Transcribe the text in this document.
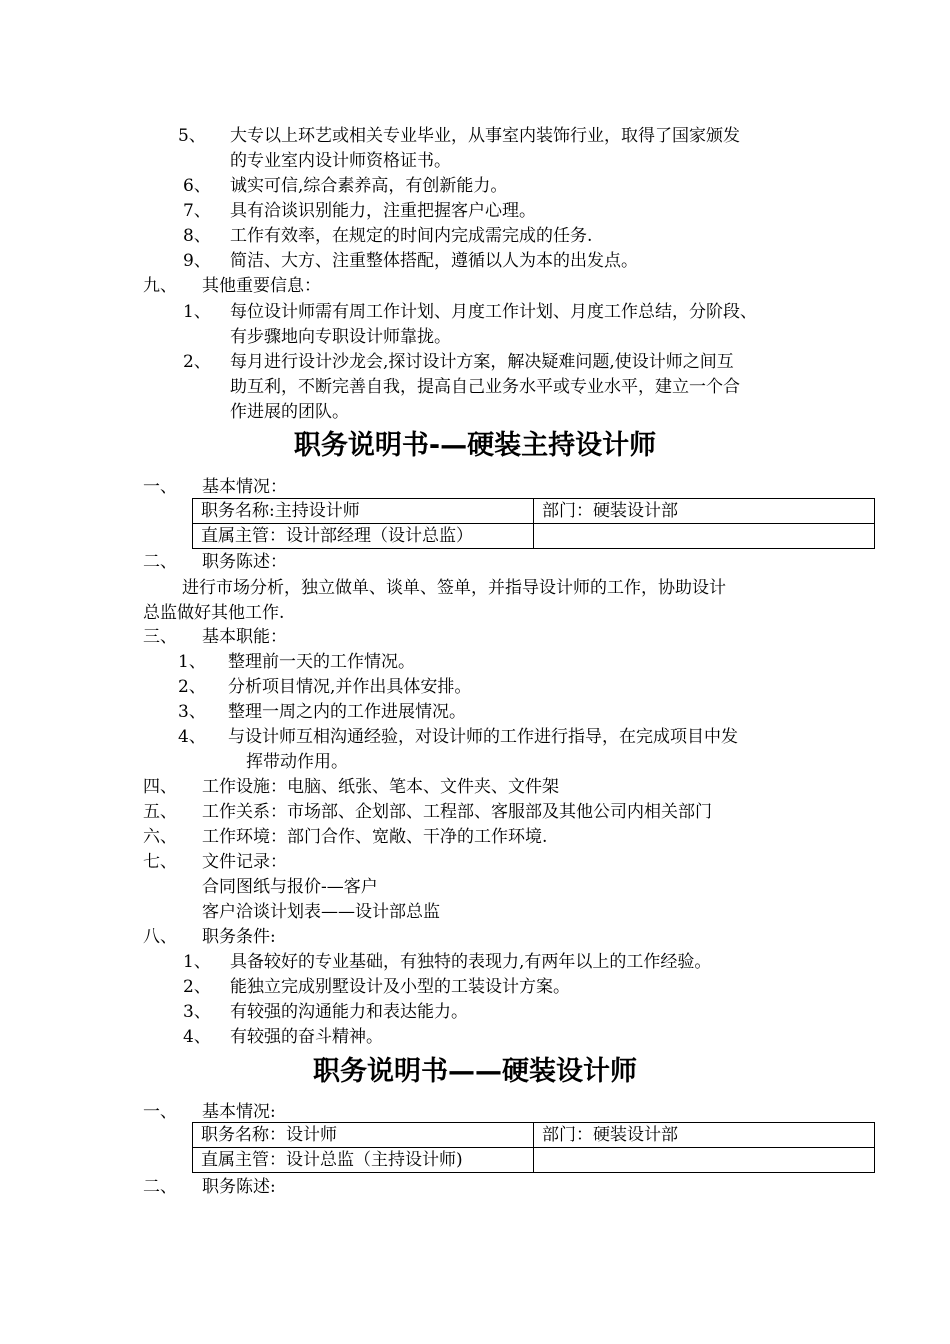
5、 大专以上环艺或相关专业毕业，从事室内装饰行业，取得了国家颁发
的专业室内设计师资格证书。
6、 诚实可信,综合素养高，有创新能力。
7、 具有洽谈识别能力，注重把握客户心理。
8、 工作有效率，在规定的时间内完成需完成的任务.
9、 简洁、大方、注重整体搭配，遵循以人为本的出发点。
九、 其他重要信息：
1、 每位设计师需有周工作计划、月度工作计划、月度工作总结，分阶段、
有步骤地向专职设计师靠拢。
2、 每月进行设计沙龙会,探讨设计方案，解决疑难问题,使设计师之间互
助互利，不断完善自我，提高自己业务水平或专业水平，建立一个合
作进展的团队。
职务说明书-—硬装主持设计师
一、 基本情况：
职务名称:主持设计师	部门：硬装设计部
直属主管：设计部经理（设计总监）	
二、 职务陈述：
进行市场分析，独立做单、谈单、签单，并指导设计师的工作，协助设计
总监做好其他工作.
三、 基本职能：
1、 整理前一天的工作情况。
2、 分析项目情况,并作出具体安排。
3、 整理一周之内的工作进展情况。
4、 与设计师互相沟通经验，对设计师的工作进行指导，在完成项目中发
挥带动作用。
四、 工作设施：电脑、纸张、笔本、文件夹、文件架
五、 工作关系：市场部、企划部、工程部、客服部及其他公司内相关部门
六、 工作环境：部门合作、宽敞、干净的工作环境.
七、 文件记录：
合同图纸与报价-—客户
客户洽谈计划表——设计部总监
八、 职务条件:
1、 具备较好的专业基础，有独特的表现力,有两年以上的工作经验。
2、 能独立完成别墅设计及小型的工装设计方案。
3、 有较强的沟通能力和表达能力。
4、 有较强的奋斗精神。
职务说明书——硬装设计师
一、 基本情况:
职务名称：设计师	部门：硬装设计部
直属主管：设计总监（主持设计师)	
二、 职务陈述:
